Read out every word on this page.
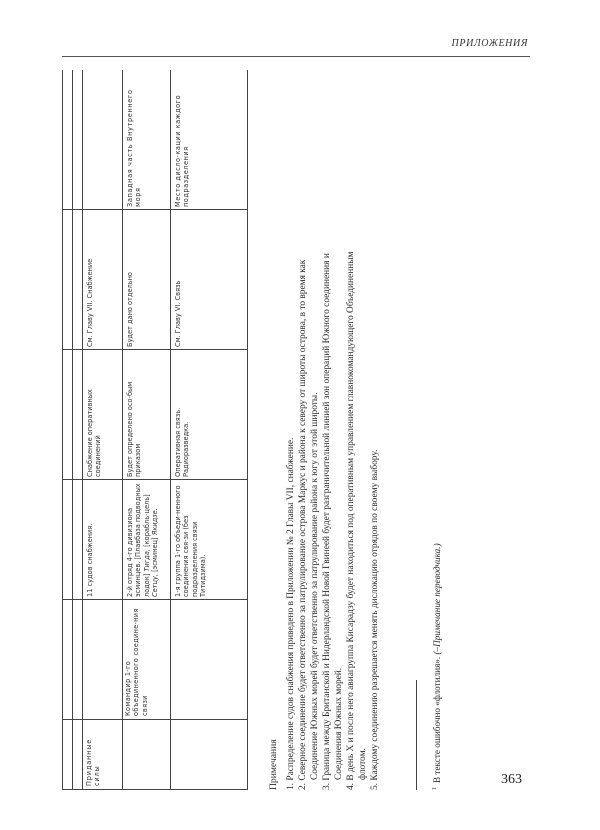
ПРИЛОЖЕНИЯ
Приданные силы
Командир 1-го объединенного соедине-ния связи
1-я группа 1-го объеди-ненного соединения свя-зи (без подразделения связи Титидзима).
Оперативная связь. Радиоразведка.
См. Главу VI. Связь
Место дисло-кации каждого подразделения
2-й отряд 4-го дивизиона эсминцев. [Плавбаза подводных лодок] Тигда, [корабль-цель] Сетцу, [эсминец] Якидзе.
Будет определено осо-бым приказом
Будет дано отдельно
Западная часть Внутреннего моря
11 судов снабжения.
Снабжение оперативных соединений
См. Главу VII. Снабжение
Примечания 1. Распределение судов снабжения приведено в Приложении № 2 Главы VII, снабжение. 2. Северное соединение будет ответственно за патрулирование острова Маркус и района к северу от широты острова, в то время как Соединение Южных морей будет ответственно за патрулирование района к югу от этой широты. 3. Граница между Британской и Нидерландской Новой Гвинеей будет разграничительной линией зон операций Южного соединения и Соединения Южных морей. 4. В день X и после него авиагруппа Кисарадзу будет находиться под оперативным управлением главнокомандующего Объединенным флотом. 5. Каждому соединению разрешается менять дислокацию отрядов по своему выбору.	$^1$В тексте ошибочно «флотилия». (–Примечание переводчика.)
363
